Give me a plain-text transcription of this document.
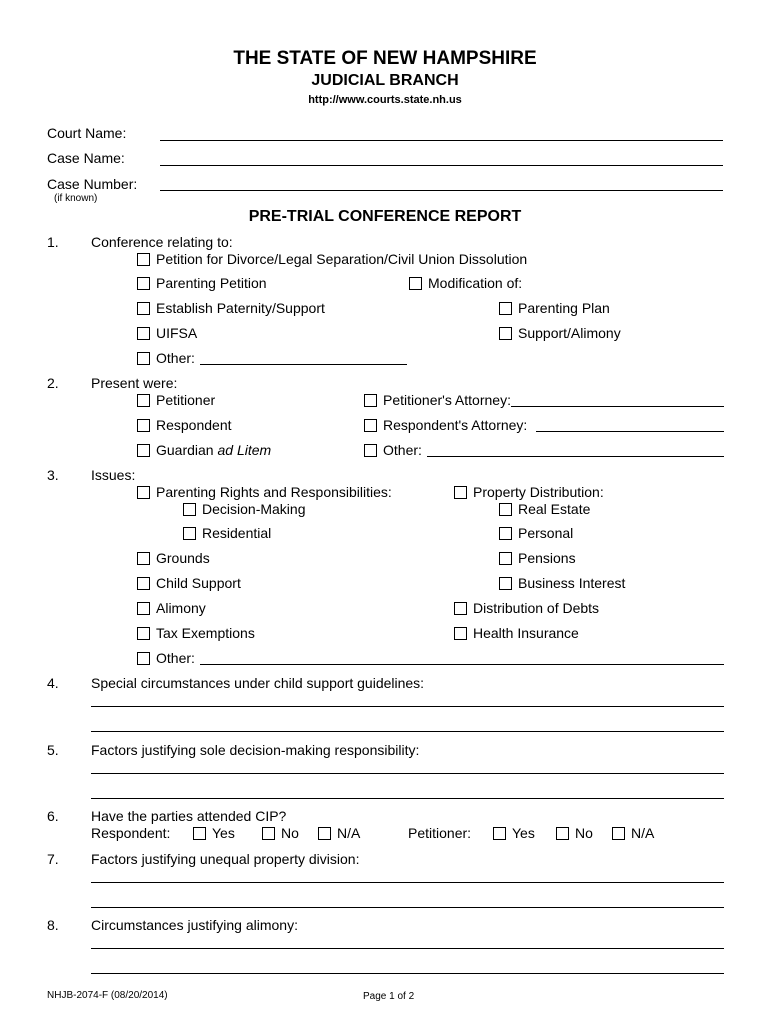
THE STATE OF NEW HAMPSHIRE
JUDICIAL BRANCH
http://www.courts.state.nh.us
Court Name:
Case Name:
Case Number:
(if known)
PRE-TRIAL CONFERENCE REPORT
1. Conference relating to:
Petition for Divorce/Legal Separation/Civil Union Dissolution
Parenting Petition	Modification of:
Establish Paternity/Support	Parenting Plan
UIFSA	Support/Alimony
Other:
2. Present were:
Petitioner	Petitioner's Attorney:
Respondent	Respondent's Attorney:
Guardian ad Litem	Other:
3. Issues:
Parenting Rights and Responsibilities:	Property Distribution:
Decision-Making	Real Estate
Residential	Personal
Grounds	Pensions
Child Support	Business Interest
Alimony	Distribution of Debts
Tax Exemptions	Health Insurance
Other:
4. Special circumstances under child support guidelines:
5. Factors justifying sole decision-making responsibility:
6. Have the parties attended CIP?
Respondent:	Yes	No	N/A	Petitioner:	Yes	No	N/A
7. Factors justifying unequal property division:
8. Circumstances justifying alimony:
NHJB-2074-F (08/20/2014)	Page 1 of 2
